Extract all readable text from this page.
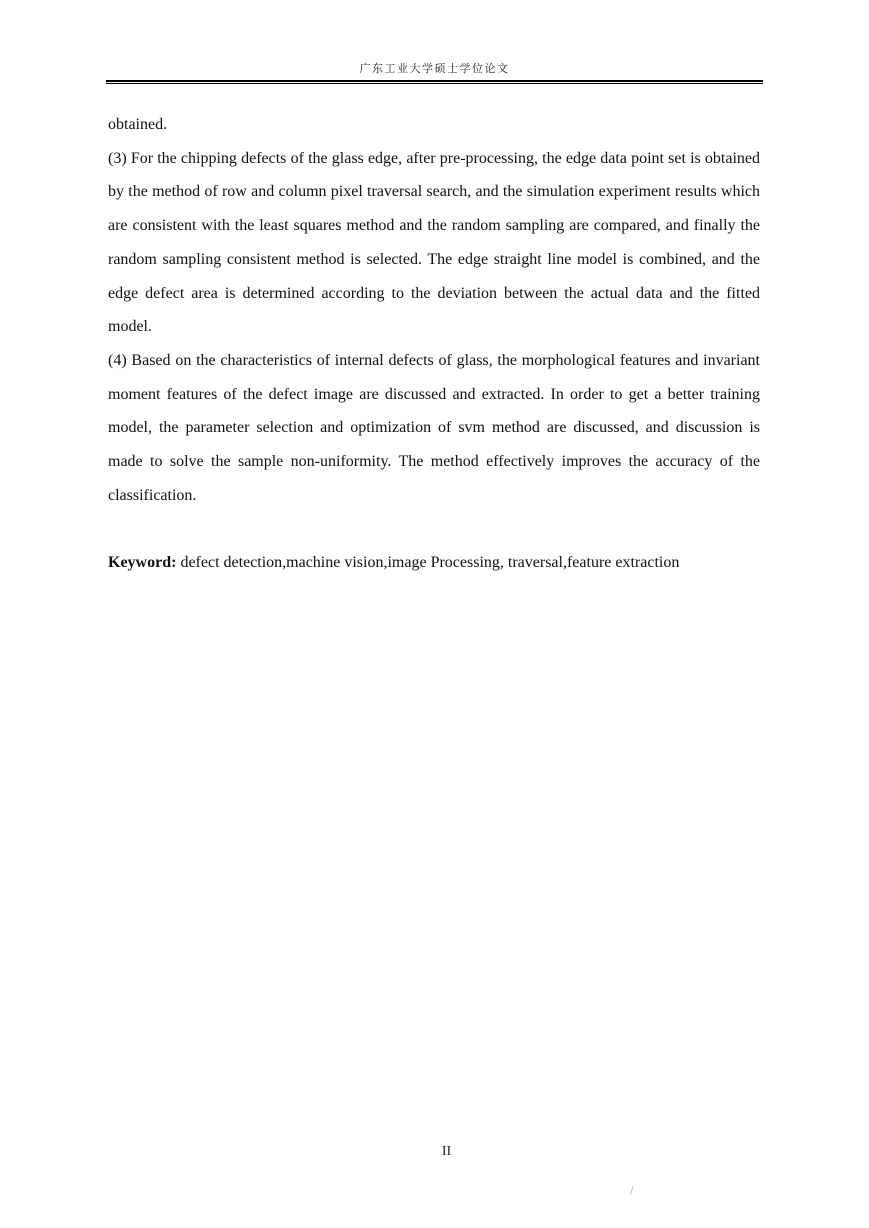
广东工业大学硕士学位论文

obtained.

(3) For the chipping defects of the glass edge, after pre-processing, the edge data point set is obtained by the method of row and column pixel traversal search, and the simulation experiment results which are consistent with the least squares method and the random sampling are compared, and finally the random sampling consistent method is selected. The edge straight line model is combined, and the edge defect area is determined according to the deviation between the actual data and the fitted model.

(4) Based on the characteristics of internal defects of glass, the morphological features and invariant moment features of the defect image are discussed and extracted. In order to get a better training model, the parameter selection and optimization of svm method are discussed, and discussion is made to solve the sample non-uniformity. The method effectively improves the accuracy of the classification.

Keyword: defect detection,machine vision,image Processing, traversal,feature extraction

II
/
